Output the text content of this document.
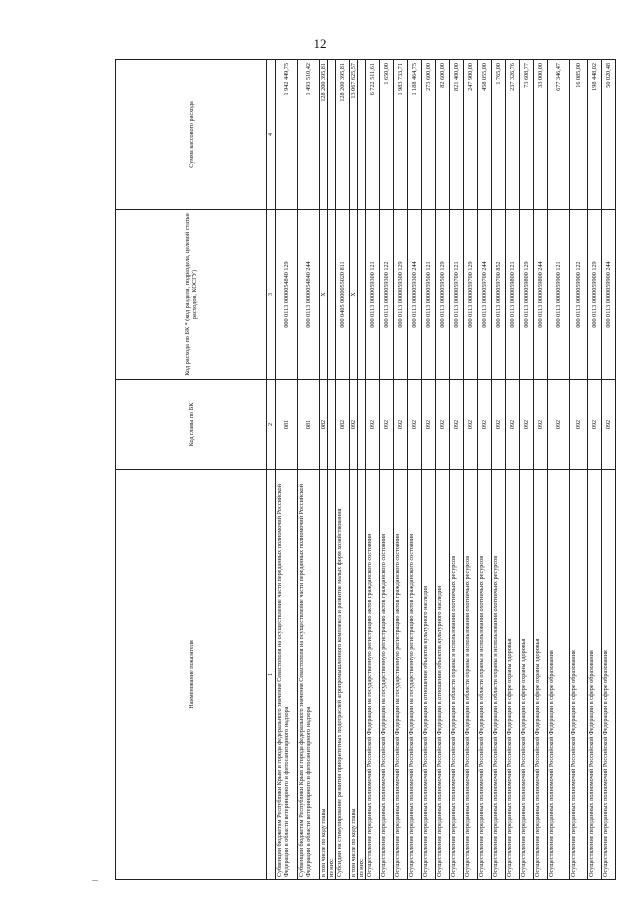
12
Наименование показателя	Код главы по БК	Код расхода по БК * (код раздела, подраздела, целевой статьи расходов, КОСГУ)	Сумма кассового расхода
1	2	3	4
Субвенции бюджетам Республики Крым и города федерального значения Севастополя на осуществление части переданных полномочий Российской Федерации в области ветеринарного и фитосанитарного надзора	081	000 0113 0000054840 129	1 942 449,75
Субвенции бюджетам Республики Крым и города федерального значения Севастополя на осуществление части переданных полномочий Российской Федерации в области ветеринарного и фитосанитарного надзора	081	000 0113 0000054840 244	1 493 510,42
в том числе по коду главы	082	X	128 200 395,81
из них:			
Субсидии на стимулирование развития приоритетных подотраслей агропромышленного комплекса и развитие малых форм хозяйствования	082	000 0405 0000055020 811	128 200 395,81
в том числе по коду главы	092	X	13 067 625,57
из них:			
Осуществление переданных полномочий Российской Федерации на государственную регистрацию актов гражданского состояния	092	000 0113 0000059300 121	6 722 511,61
Осуществление переданных полномочий Российской Федерации на государственную регистрацию актов гражданского состояния	092	000 0113 0000059300 122	1 650,00
Осуществление переданных полномочий Российской Федерации на государственную регистрацию актов гражданского состояния	092	000 0113 0000059300 129	1 983 733,71
Осуществление переданных полномочий Российской Федерации на государственную регистрацию актов гражданского состояния	092	000 0113 0000059300 244	1 188 464,75
Осуществление переданных полномочий Российской Федерации в отношении объектов культурного наследия	092	000 0113 0000059500 121	273 600,00
Осуществление переданных полномочий Российской Федерации в отношении объектов культурного наследия	092	000 0113 0000059500 129	82 600,00
Осуществление переданных полномочий Российской Федерации в области охраны и использования охотничьих ресурсов	092	000 0113 0000059700 121	821 400,00
Осуществление переданных полномочий Российской Федерации в области охраны и использования охотничьих ресурсов	092	000 0113 0000059700 129	247 900,00
Осуществление переданных полномочий Российской Федерации в области охраны и использования охотничьих ресурсов	092	000 0113 0000059700 244	458 055,00
Осуществление переданных полномочий Российской Федерации в области охраны и использования охотничьих ресурсов	092	000 0113 0000059700 852	1 765,00
Осуществление переданных полномочий Российской Федерации в сфере охраны здоровья	092	000 0113 0000059800 121	237 326,76
Осуществление переданных полномочий Российской Федерации в сфере охраны здоровья	092	000 0113 0000059800 129	73 608,77
Осуществление переданных полномочий Российской Федерации в сфере охраны здоровья	092	000 0113 0000059800 244	33 000,00
Осуществление переданных полномочий Российской Федерации в сфере образования	092	000 0113 0000059900 121	677 346,47
Осуществление переданных полномочий Российской Федерации в сфере образования	092	000 0113 0000059900 122	16 085,00
Осуществление переданных полномочий Российской Федерации в сфере образования	092	000 0113 0000059900 129	198 448,02
Осуществление переданных полномочий Российской Федерации в сфере образования	092	000 0113 0000059900 244	50 020,48
